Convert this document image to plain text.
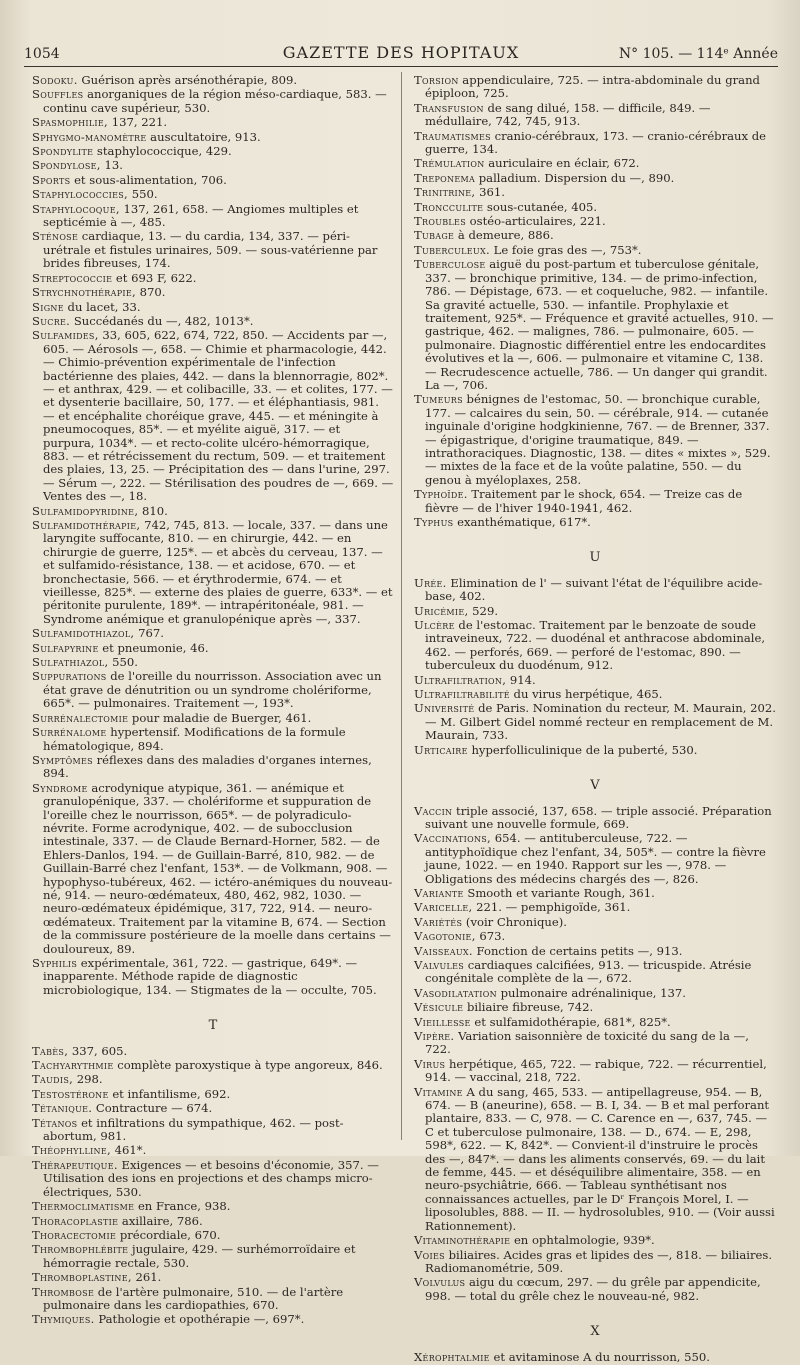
1054	GAZETTE DES HOPITAUX	N° 105. — 114ᵉ Année
Sodoku. Guérison après arsénothérapie, 809.
Souffles anorganiques de la région méso-cardiaque, 583. — continu cave supérieur, 530.
Spasmophilie, 137, 221.
Sphygmo-manomètre auscultatoire, 913.
Spondylite staphylococcique, 429.
Spondylose, 13.
Sports et sous-alimentation, 706.
Staphylococcies, 550.
Staphylocoque, 137, 261, 658. — Angiomes multiples et septicémie à —, 485.
Sténose cardiaque, 13. — du cardia, 134, 337. — péri-urétrale et fistules urinaires, 509. — sous-vatérienne par brides fibreuses, 174.
Streptococcie et 693 F, 622.
Strychnothérapie, 870.
Signe du lacet, 33.
Sucre. Succédanés du —, 482, 1013*.
Sulfamides, 33, 605, 622, 674, 722, 850. — Accidents par —, 605. — Aérosols —, 658. — Chimie et pharmacologie, 442. — Chimio-prévention expérimentale de l'infection bactérienne des plaies, 442. — dans la blennorragie, 802*. — et anthrax, 429. — et colibacille, 33. — et colites, 177. — et dysenterie bacillaire, 50, 177. — et éléphantiasis, 981. — et encéphalite choréique grave, 445. — et méningite à pneumocoques, 85*. — et myélite aiguë, 317. — et purpura, 1034*. — et recto-colite ulcéro-hémorragique, 883. — et rétrécissement du rectum, 509. — et traitement des plaies, 13, 25. — Précipitation des — dans l'urine, 297. — Sérum —, 222. — Stérilisation des poudres de —, 669. — Ventes des —, 18.
Sulfamidopyridine, 810.
Sulfamidothérapie, 742, 745, 813. — locale, 337. — dans une laryngite suffocante, 810. — en chirurgie, 442. — en chirurgie de guerre, 125*. — et abcès du cerveau, 137. — et sulfamido-résistance, 138. — et acidose, 670. — et bronchectasie, 566. — et érythrodermie, 674. — et vieillesse, 825*. — externe des plaies de guerre, 633*. — et péritonite purulente, 189*. — intrapéritonéale, 981. — Syndrome anémique et granulopénique après —, 337.
Sulfamidothiazol, 767.
Sulfapyrine et pneumonie, 46.
Sulfathiazol, 550.
Suppurations de l'oreille du nourrisson. Association avec un état grave de dénutrition ou un syndrome cholériforme, 665*. — pulmonaires. Traitement —, 193*.
Surrénalectomie pour maladie de Buerger, 461.
Surrénalome hypertensif. Modifications de la formule hématologique, 894.
Symptômes réflexes dans des maladies d'organes internes, 894.
Syndrome acrodynique atypique, 361. — anémique et granulopénique, 337. — cholériforme et suppuration de l'oreille chez le nourrisson, 665*. — de polyradiculo-névrite. Forme acrodynique, 402. — de subocclusion intestinale, 337. — de Claude Bernard-Horner, 582. — de Ehlers-Danlos, 194. — de Guillain-Barré, 810, 982. — de Guillain-Barré chez l'enfant, 153*. — de Volkmann, 908. — hypophyso-tubéreux, 462. — ictéro-anémiques du nouveau-né, 914. — neuro-œdémateux, 480, 462, 982, 1030. — neuro-œdémateux épidémique, 317, 722, 914. — neuro-œdémateux. Traitement par la vitamine B, 674. — Section de la commissure postérieure de la moelle dans certains — douloureux, 89.
Syphilis expérimentale, 361, 722. — gastrique, 649*. — inapparente. Méthode rapide de diagnostic microbiologique, 134. — Stigmates de la — occulte, 705.
T
Tabès, 337, 605.
Tachyarythmie complète paroxystique à type angoreux, 846.
Taudis, 298.
Testostérone et infantilisme, 692.
Tétanique. Contracture — 674.
Tétanos et infiltrations du sympathique, 462. — post-abortum, 981.
Théophylline, 461*.
Thérapeutique. Exigences — et besoins d'économie, 357. — Utilisation des ions en projections et des champs micro-électriques, 530.
Thermoclimatisme en France, 938.
Thoracoplastie axillaire, 786.
Thoracectomie précordiale, 670.
Thrombophlébite jugulaire, 429. — surhémorroïdaire et hémorragie rectale, 530.
Thromboplastine, 261.
Thrombose de l'artère pulmonaire, 510. — de l'artère pulmonaire dans les cardiopathies, 670.
Thymiques. Pathologie et opothérapie —, 697*.
Torsion appendiculaire, 725. — intra-abdominale du grand épiploon, 725.
Transfusion de sang dilué, 158. — difficile, 849. — médullaire, 742, 745, 913.
Traumatismes cranio-cérébraux, 173. — cranio-cérébraux de guerre, 134.
Trémulation auriculaire en éclair, 672.
Treponema palladium. Dispersion du —, 890.
Trinitrine, 361.
Troncculite sous-cutanée, 405.
Troubles ostéo-articulaires, 221.
Tubage à demeure, 886.
Tuberculeux. Le foie gras des —, 753*.
Tuberculose aiguë du post-partum et tuberculose génitale, 337. — bronchique primitive, 134. — de primo-infection, 786. — Dépistage, 673. — et coqueluche, 982. — infantile. Sa gravité actuelle, 530. — infantile. Prophylaxie et traitement, 925*. — Fréquence et gravité actuelles, 910. — gastrique, 462. — malignes, 786. — pulmonaire, 605. — pulmonaire. Diagnostic différentiel entre les endocardites évolutives et la —, 606. — pulmonaire et vitamine C, 138. — Recrudescence actuelle, 786. — Un danger qui grandit. La —, 706.
Tumeurs bénignes de l'estomac, 50. — bronchique curable, 177. — calcaires du sein, 50. — cérébrale, 914. — cutanée inguinale d'origine hodgkinienne, 767. — de Brenner, 337. — épigastrique, d'origine traumatique, 849. — intrathoraciques. Diagnostic, 138. — dites « mixtes », 529. — mixtes de la face et de la voûte palatine, 550. — du genou à myéloplaxes, 258.
Typhoïde. Traitement par le shock, 654. — Treize cas de fièvre — de l'hiver 1940-1941, 462.
Typhus exanthématique, 617*.
U
Urée. Elimination de l' — suivant l'état de l'équilibre acide-base, 402.
Uricémie, 529.
Ulcère de l'estomac. Traitement par le benzoate de soude intraveineux, 722. — duodénal et anthracose abdominale, 462. — perforés, 669. — perforé de l'estomac, 890. — tuberculeux du duodénum, 912.
Ultrafiltration, 914.
Ultrafiltrabilité du virus herpétique, 465.
Université de Paris. Nomination du recteur, M. Maurain, 202. — M. Gilbert Gidel nommé recteur en remplacement de M. Maurain, 733.
Urticaire hyperfolliculinique de la puberté, 530.
V
Vaccin triple associé, 137, 658. — triple associé. Préparation suivant une nouvelle formule, 669.
Vaccinations, 654. — antituberculeuse, 722. — antityphoïdique chez l'enfant, 34, 505*. — contre la fièvre jaune, 1022. — en 1940. Rapport sur les —, 978. — Obligations des médecins chargés des —, 826.
Variante Smooth et variante Rough, 361.
Varicelle, 221. — pemphigoïde, 361.
Variétés (voir Chronique).
Vagotonie, 673.
Vaisseaux. Fonction de certains petits —, 913.
Valvules cardiaques calcifiées, 913. — tricuspide. Atrésie congénitale complète de la —, 672.
Vasodilatation pulmonaire adrénalinique, 137.
Vésicule biliaire fibreuse, 742.
Vieillesse et sulfamidothérapie, 681*, 825*.
Vipère. Variation saisonnière de toxicité du sang de la —, 722.
Virus herpétique, 465, 722. — rabique, 722. — récurrentiel, 914. — vaccinal, 218, 722.
Vitamine A du sang, 465, 533. — antipellagreuse, 954. — B, 674. — B (aneurine), 658. — B. I, 34. — B et mal perforant plantaire, 833. — C, 978. — C. Carence en —, 637, 745. — C et tuberculose pulmonaire, 138. — D., 674. — E, 298, 598*, 622. — K, 842*. — Convient-il d'instruire le procès des —, 847*. — dans les aliments conservés, 69. — du lait de femme, 445. — et déséquilibre alimentaire, 358. — en neuro-psychiâtrie, 666. — Tableau synthétisant nos connaissances actuelles, par le Dʳ François Morel, I. — liposolubles, 888. — II. — hydrosolubles, 910. — (Voir aussi Rationnement).
Vitaminothérapie en ophtalmologie, 939*.
Voies biliaires. Acides gras et lipides des —, 818. — biliaires. Radiomanométrie, 509.
Volvulus aigu du cœcum, 297. — du grêle par appendicite, 998. — total du grêle chez le nouveau-né, 982.
X
Xérophtalmie et avitaminose A du nourrisson, 550.
